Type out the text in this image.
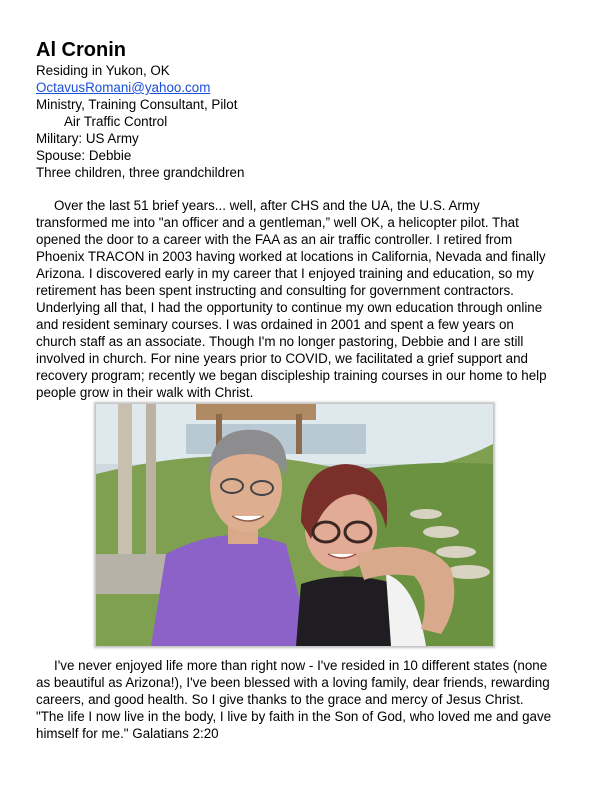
Al Cronin
Residing in Yukon, OK
OctavusRomani@yahoo.com
Ministry, Training Consultant, Pilot
Air Traffic Control
Military: US Army
Spouse: Debbie
Three children, three grandchildren

Over the last 51 brief years... well, after CHS and the UA, the U.S. Army
transformed me into "an officer and a gentleman,” well OK, a helicopter pilot. That
opened the door to a career with the FAA as an air traffic controller. I retired from
Phoenix TRACON in 2003 having worked at locations in California, Nevada and finally
Arizona. I discovered early in my career that I enjoyed training and education, so my
retirement has been spent instructing and consulting for government contractors.
Underlying all that, I had the opportunity to continue my own education through online
and resident seminary courses. I was ordained in 2001 and spent a few years on
church staff as an associate. Though I'm no longer pastoring, Debbie and I are still
involved in church. For nine years prior to COVID, we facilitated a grief support and
recovery program; recently we began discipleship training courses in our home to help
people grow in their walk with Christ.

I've never enjoyed life more than right now - I've resided in 10 different states (none
as beautiful as Arizona!), I've been blessed with a loving family, dear friends, rewarding
careers, and good health. So I give thanks to the grace and mercy of Jesus Christ.
"The life I now live in the body, I live by faith in the Son of God, who loved me and gave
himself for me." Galatians 2:20
